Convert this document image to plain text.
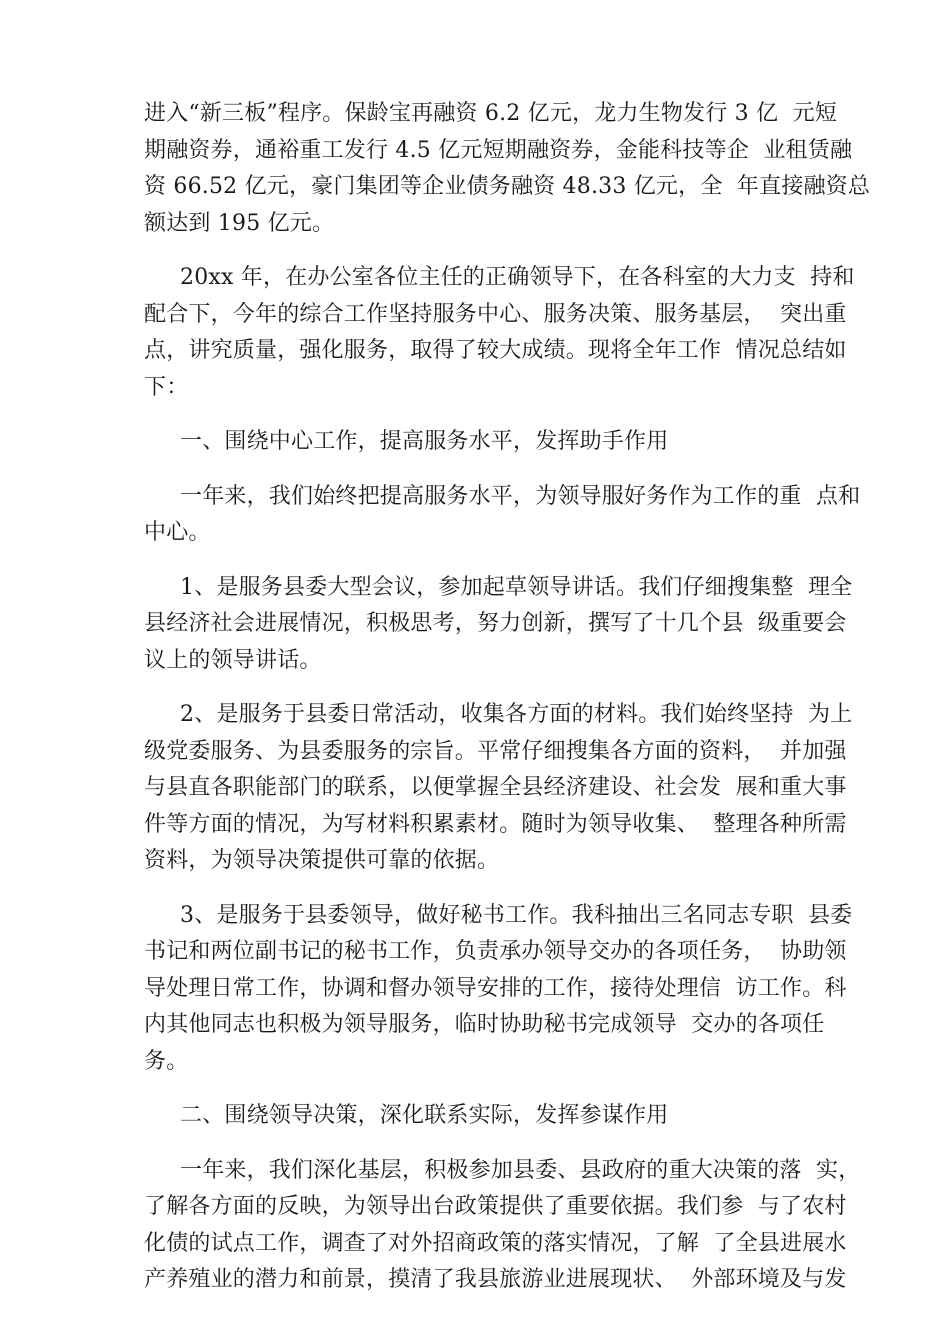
进入“新三板”程序。保龄宝再融资 6.2 亿元，龙力生物发行 3 亿  元短
期融资券，通裕重工发行 4.5 亿元短期融资券，金能科技等企  业租赁融
资 66.52 亿元，豪门集团等企业债务融资 48.33 亿元，全  年直接融资总
额达到 195 亿元。
20xx 年，在办公室各位主任的正确领导下，在各科室的大力支  持和
配合下，今年的综合工作坚持服务中心、服务决策、服务基层，  突出重
点，讲究质量，强化服务，取得了较大成绩。现将全年工作  情况总结如
下：
一、围绕中心工作，提高服务水平，发挥助手作用
一年来，我们始终把提高服务水平，为领导服好务作为工作的重  点和
中心。
1、是服务县委大型会议，参加起草领导讲话。我们仔细搜集整  理全
县经济社会进展情况，积极思考，努力创新，撰写了十几个县  级重要会
议上的领导讲话。
2、是服务于县委日常活动，收集各方面的材料。我们始终坚持  为上
级党委服务、为县委服务的宗旨。平常仔细搜集各方面的资料，  并加强
与县直各职能部门的联系，以便掌握全县经济建设、社会发  展和重大事
件等方面的情况，为写材料积累素材。随时为领导收集、  整理各种所需
资料，为领导决策提供可靠的依据。
3、是服务于县委领导，做好秘书工作。我科抽出三名同志专职  县委
书记和两位副书记的秘书工作，负责承办领导交办的各项任务，  协助领
导处理日常工作，协调和督办领导安排的工作，接待处理信  访工作。科
内其他同志也积极为领导服务，临时协助秘书完成领导  交办的各项任
务。
二、围绕领导决策，深化联系实际，发挥参谋作用
一年来，我们深化基层，积极参加县委、县政府的重大决策的落  实，
了解各方面的反映，为领导出台政策提供了重要依据。我们参  与了农村
化债的试点工作，调查了对外招商政策的落实情况，了解  了全县进展水
产养殖业的潜力和前景，摸清了我县旅游业进展现状、  外部环境及与发
